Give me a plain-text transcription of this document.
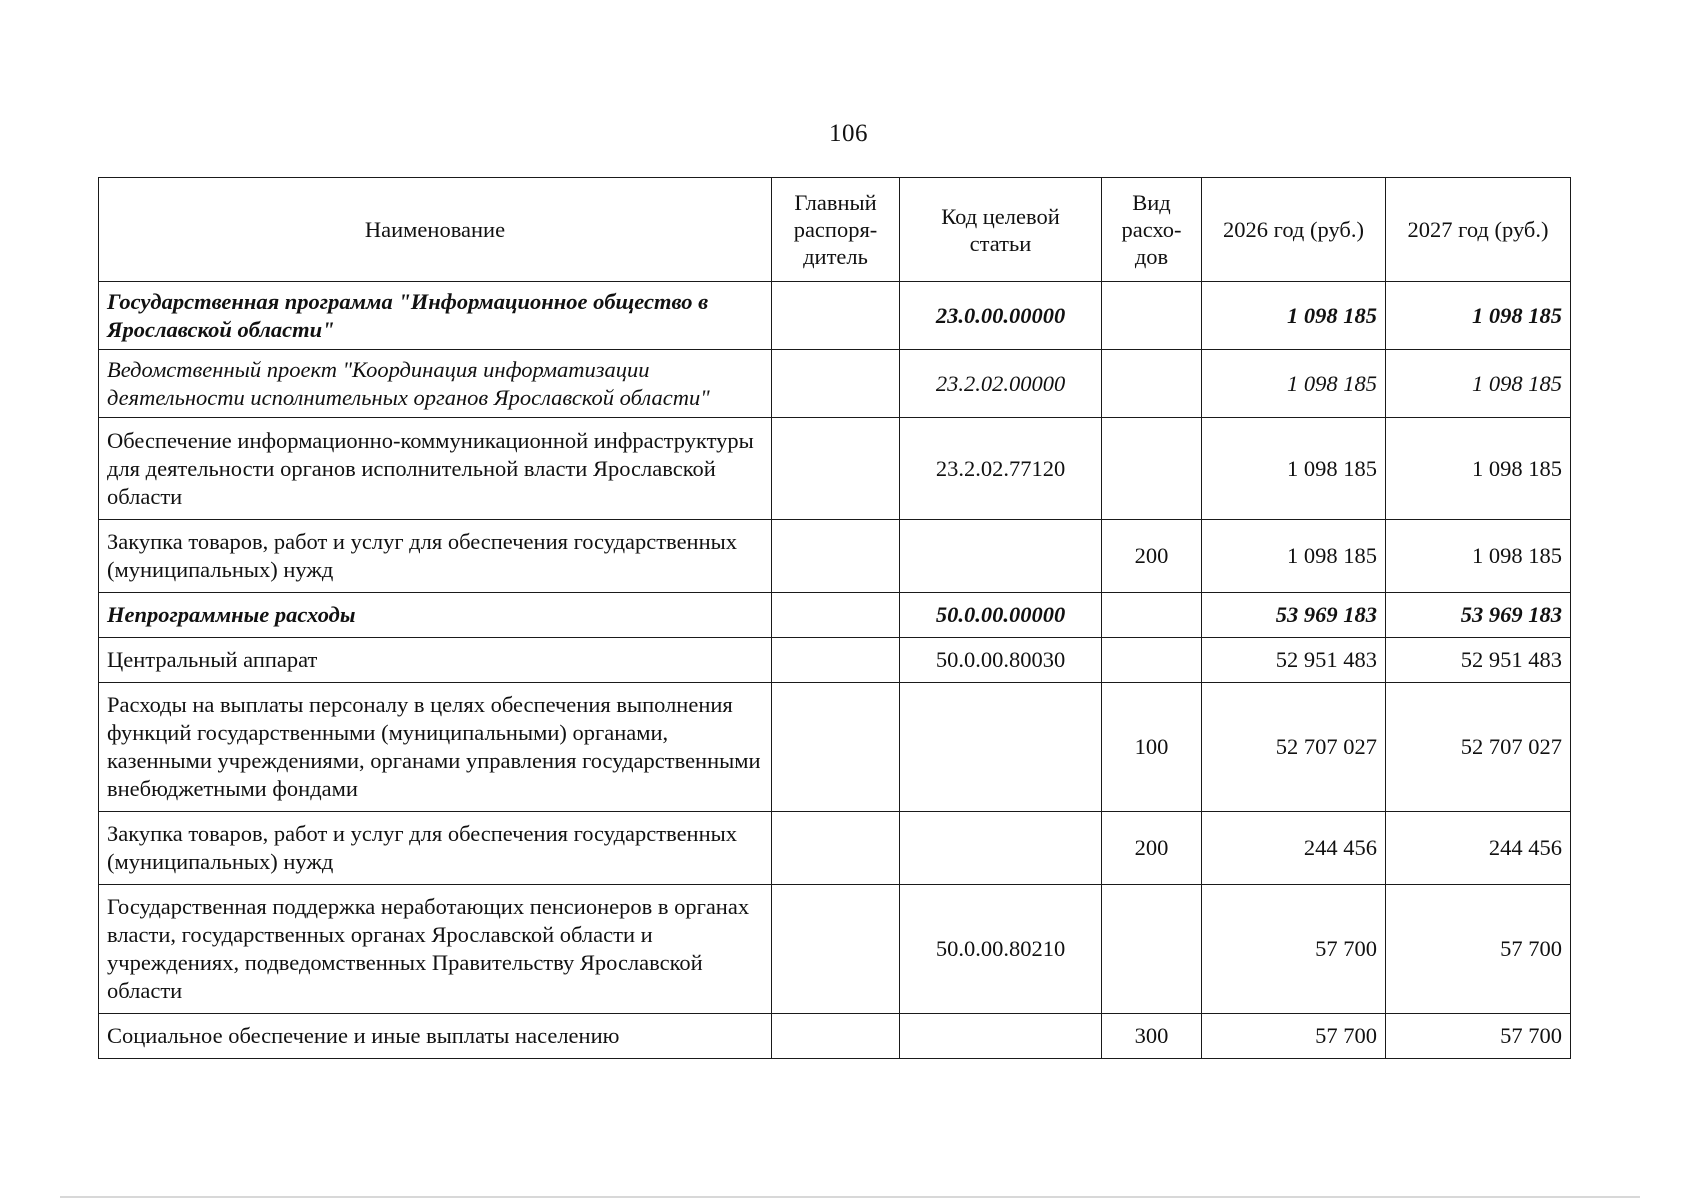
106
Наименование	Главный распоря-дитель	Код целевой статьи	Вид расхо-дов	2026 год (руб.)	2027 год (руб.)
Государственная программа "Информационное общество в Ярославской области"		23.0.00.00000		1 098 185	1 098 185
Ведомственный проект "Координация информатизации деятельности исполнительных органов Ярославской области"		23.2.02.00000		1 098 185	1 098 185
Обеспечение информационно-коммуникационной инфраструктуры для деятельности органов исполнительной власти Ярославской области		23.2.02.77120		1 098 185	1 098 185
Закупка товаров, работ и услуг для обеспечения государственных (муниципальных) нужд			200	1 098 185	1 098 185
Непрограммные расходы		50.0.00.00000		53 969 183	53 969 183
Центральный аппарат		50.0.00.80030		52 951 483	52 951 483
Расходы на выплаты персоналу в целях обеспечения выполнения функций государственными (муниципальными) органами, казенными учреждениями, органами управления государственными внебюджетными фондами			100	52 707 027	52 707 027
Закупка товаров, работ и услуг для обеспечения государственных (муниципальных) нужд			200	244 456	244 456
Государственная поддержка неработающих пенсионеров в органах власти, государственных органах Ярославской области и учреждениях, подведомственных Правительству Ярославской области		50.0.00.80210		57 700	57 700
Социальное обеспечение и иные выплаты населению			300	57 700	57 700
